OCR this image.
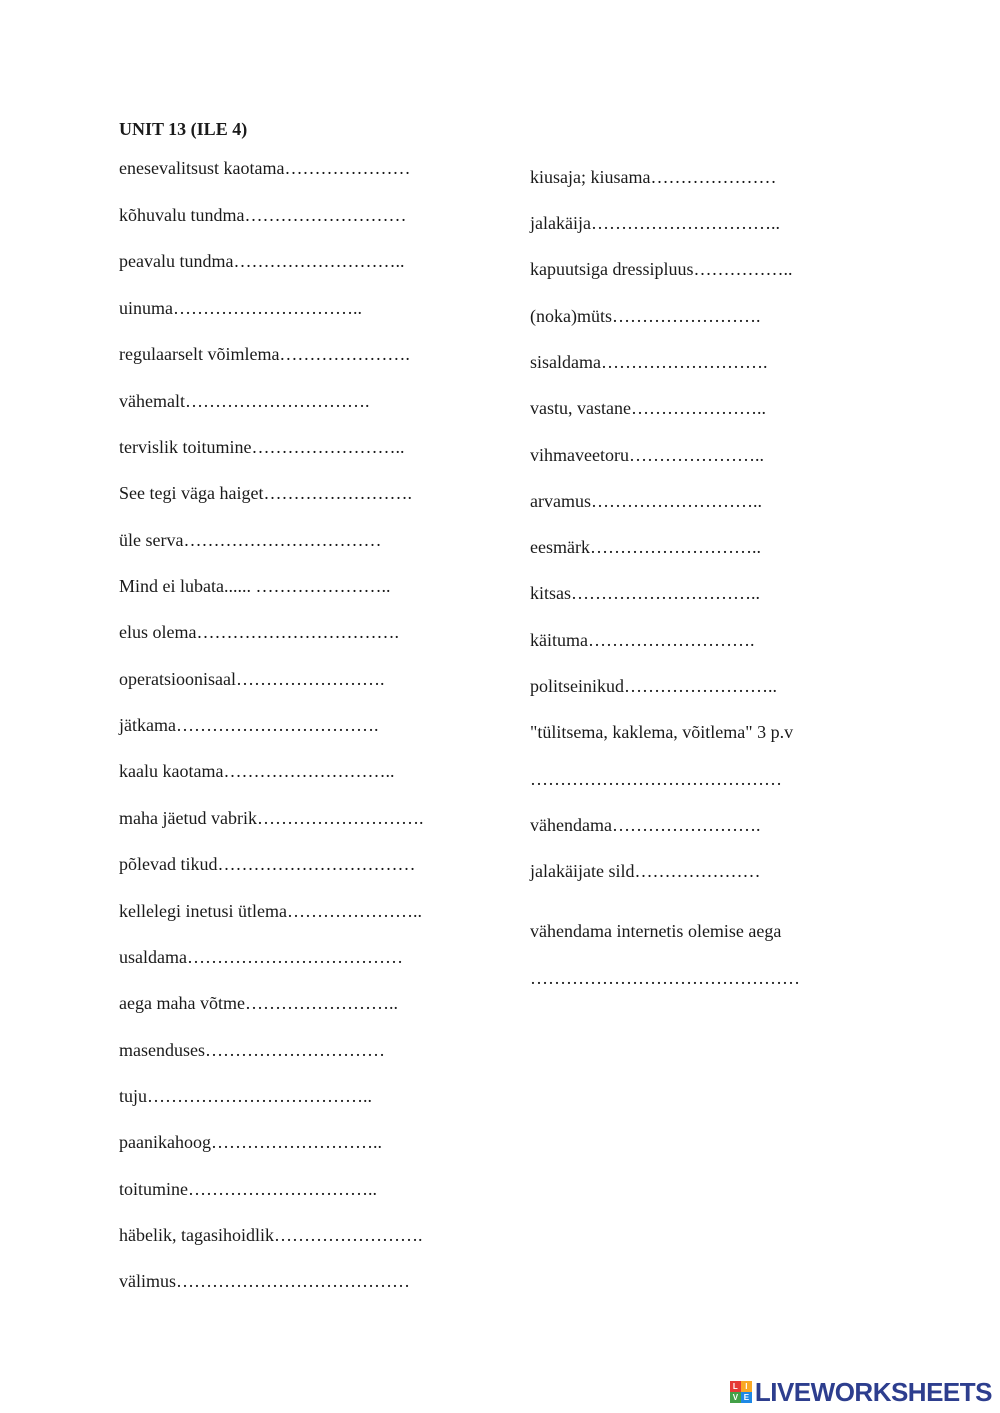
UNIT 13 (ILE 4)
enesevalitsust kaotama…………………
kõhuvalu tundma………………………
peavalu tundma………………………..
uinuma…………………………..
regulaarselt võimlema………………….
vähemalt………………………….
tervislik toitumine……………………..
See tegi väga haiget…………………….
üle serva……………………………
Mind ei lubata...... …………………..
elus olema…………………………….
operatsioonisaal…………………….
jätkama…………………………….
kaalu kaotama………………………..
maha jäetud vabrik……………………….
põlevad tikud……………………………
kellelegi inetusi ütlema…………………..
usaldama………………………………
aega maha võtme……………………..
masenduses…………………………
tuju………………………………..
paanikahoog………………………..
toitumine…………………………..
häbelik, tagasihoidlik…………………….
välimus…………………………………
kiusaja; kiusama…………………
jalakäija…………………………..
kapuutsiga dressipluus……………..
(noka)müts…………………….
sisaldama……………………….
vastu, vastane…………………..
vihmaveetoru…………………..
arvamus………………………..
eesmärk………………………..
kitsas…………………………..
käituma……………………….
politseinikud……………………..
"tülitsema, kaklema, võitlema" 3 p.v
……………………………………
vähendama…………………….
jalakäijate sild…………………
vähendama internetis olemise aega
………………………………………
L I
V E LIVEWORKSHEETS
